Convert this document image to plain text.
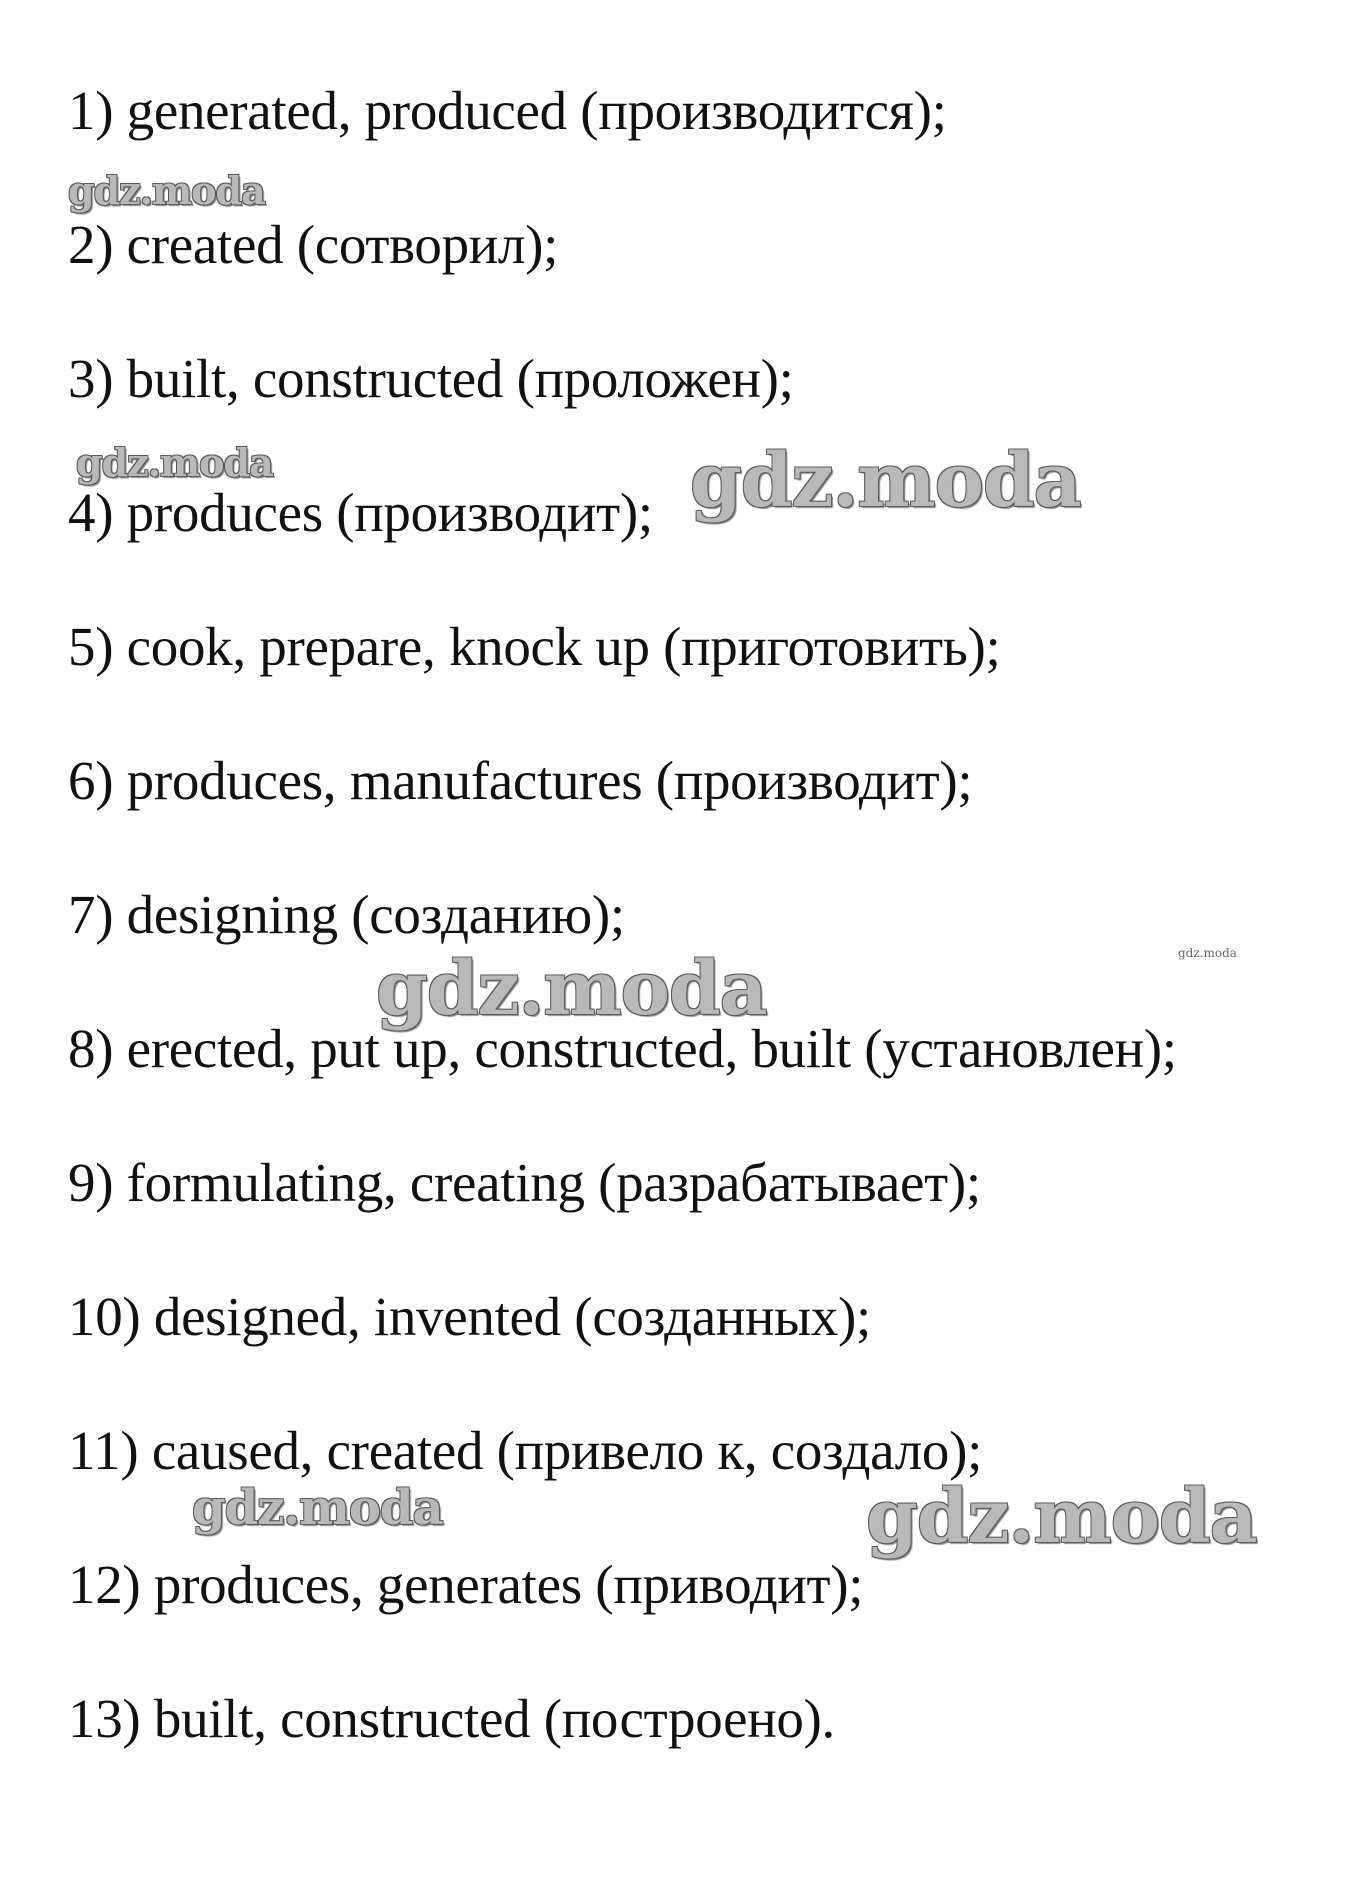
1) generated, produced (производится);
2) created (сотворил);
3) built, constructed (проложен);
4) produces (производит);
5) cook, prepare, knock up (приготовить);
6) produces, manufactures (производит);
7) designing (созданию);
8) erected, put up, constructed, built (установлен);
9) formulating, creating (разрабатывает);
10) designed, invented (созданных);
11) caused, created (привело к, создало);
12) produces, generates (приводит);
13) built, constructed (построено).
gdz.moda
gdz.moda	gdz.moda
gdz.moda
gdz.moda
gdz.moda	gdz.moda
